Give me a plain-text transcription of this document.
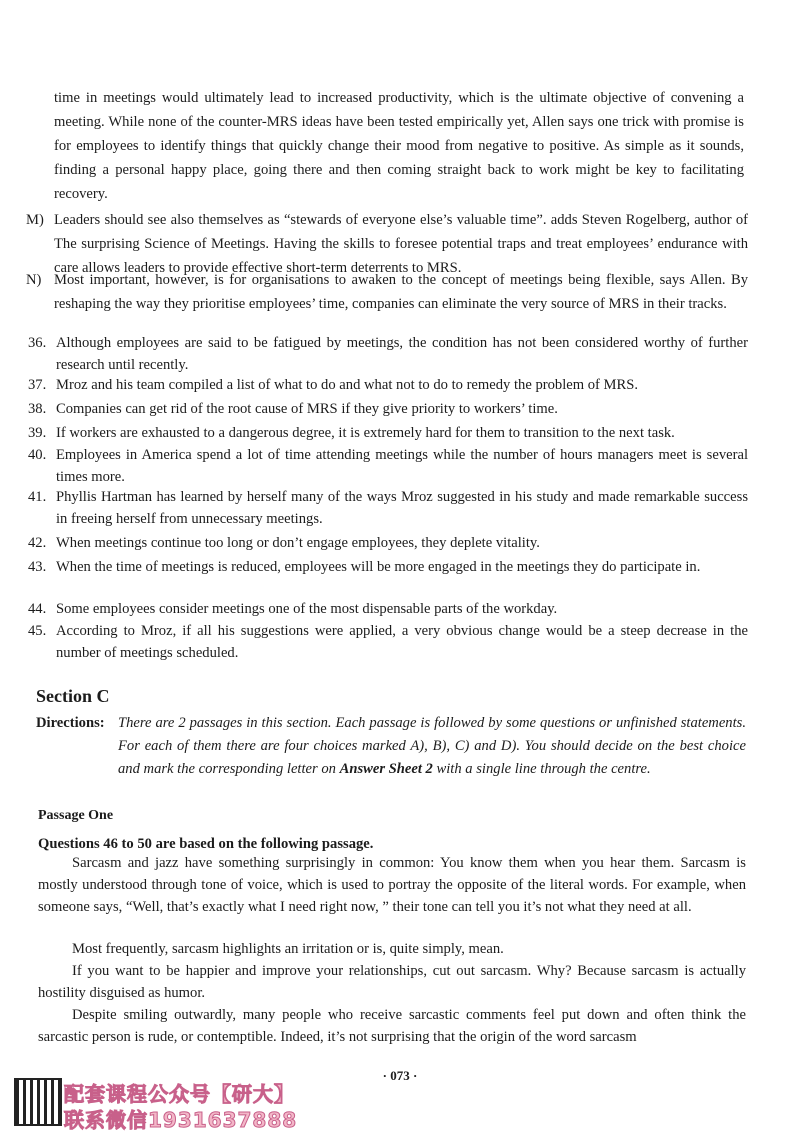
time in meetings would ultimately lead to increased productivity, which is the ultimate objective of convening a meeting. While none of the counter-MRS ideas have been tested empirically yet, Allen says one trick with promise is for employees to identify things that quickly change their mood from negative to positive. As simple as it sounds, finding a personal happy place, going there and then coming straight back to work might be key to facilitating recovery.

M) Leaders should see also themselves as “stewards of everyone else’s valuable time”. adds Steven Rogelberg, author of The surprising Science of Meetings. Having the skills to foresee potential traps and treat employees’ endurance with care allows leaders to provide effective short-term deterrents to MRS.

N) Most important, however, is for organisations to awaken to the concept of meetings being flexible, says Allen. By reshaping the way they prioritise employees’ time, companies can eliminate the very source of MRS in their tracks.

36. Although employees are said to be fatigued by meetings, the condition has not been considered worthy of further research until recently.

37. Mroz and his team compiled a list of what to do and what not to do to remedy the problem of MRS.

38. Companies can get rid of the root cause of MRS if they give priority to workers’ time.

39. If workers are exhausted to a dangerous degree, it is extremely hard for them to transition to the next task.

40. Employees in America spend a lot of time attending meetings while the number of hours managers meet is several times more.

41. Phyllis Hartman has learned by herself many of the ways Mroz suggested in his study and made remarkable success in freeing herself from unnecessary meetings.

42. When meetings continue too long or don’t engage employees, they deplete vitality.

43. When the time of meetings is reduced, employees will be more engaged in the meetings they do participate in.

44. Some employees consider meetings one of the most dispensable parts of the workday.

45. According to Mroz, if all his suggestions were applied, a very obvious change would be a steep decrease in the number of meetings scheduled.

Section C
Directions: There are 2 passages in this section. Each passage is followed by some questions or unfinished statements. For each of them there are four choices marked A), B), C) and D). You should decide on the best choice and mark the corresponding letter on Answer Sheet 2 with a single line through the centre.

Passage One

Questions 46 to 50 are based on the following passage.

Sarcasm and jazz have something surprisingly in common: You know them when you hear them. Sarcasm is mostly understood through tone of voice, which is used to portray the opposite of the literal words. For example, when someone says, “Well, that’s exactly what I need right now, ” their tone can tell you it’s not what they need at all.

Most frequently, sarcasm highlights an irritation or is, quite simply, mean.

If you want to be happier and improve your relationships, cut out sarcasm. Why? Because sarcasm is actually hostility disguised as humor.

Despite smiling outwardly, many people who receive sarcastic comments feel put down and often think the sarcastic person is rude, or contemptible. Indeed, it’s not surprising that the origin of the word sarcasm

· 073 ·
配套课程公众号【研大】
联系微信1931637888
